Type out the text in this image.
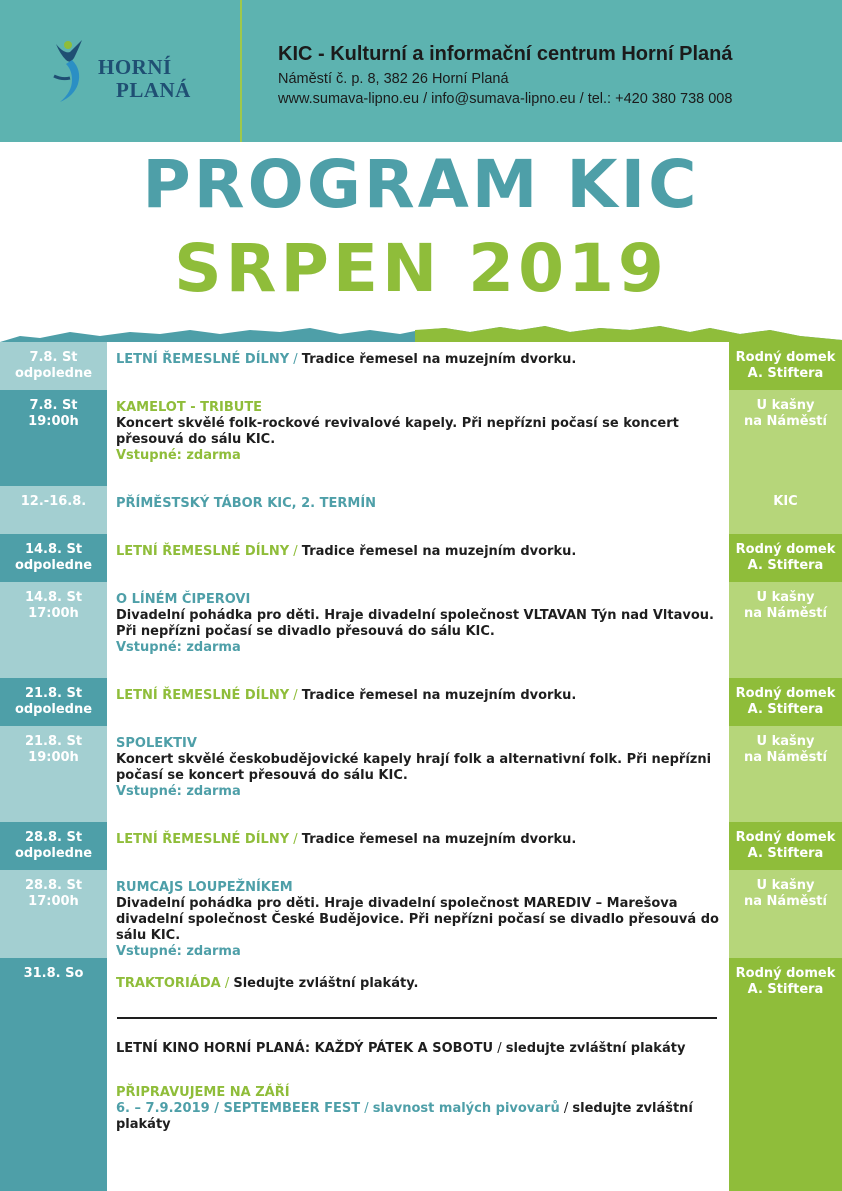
HORNÍ
PLANÁ
KIC - Kulturní a informační centrum Horní Planá
Náměstí č. p. 8, 382 26 Horní Planá
www.sumava-lipno.eu / info@sumava-lipno.eu / tel.: +420 380 738 008
PROGRAM KIC
SRPEN 2019
7.8. St
odpoledne
7.8. St
19:00h
12.-16.8.
14.8. St
odpoledne
14.8. St
17:00h
21.8. St
odpoledne
21.8. St
19:00h
28.8. St
odpoledne
28.8. St
17:00h
31.8. So
Rodný domek
A. Stiftera
U kašny
na Náměstí
KIC
Rodný domek
A. Stiftera
U kašny
na Náměstí
Rodný domek
A. Stiftera
U kašny
na Náměstí
Rodný domek
A. Stiftera
U kašny
na Náměstí
Rodný domek
A. Stiftera
LETNÍ ŘEMESLNÉ DÍLNY / Tradice řemesel na muzejním dvorku.
KAMELOT - TRIBUTE
Koncert skvělé folk-rockové revivalové kapely. Při nepřízni počasí se koncert přesouvá do sálu KIC.
Vstupné: zdarma
PŘÍMĚSTSKÝ TÁBOR KIC, 2. TERMÍN
LETNÍ ŘEMESLNÉ DÍLNY / Tradice řemesel na muzejním dvorku.
O LÍNÉM ČIPEROVI
Divadelní pohádka pro děti. Hraje divadelní společnost VLTAVAN Týn nad Vltavou. Při nepřízni počasí se divadlo přesouvá do sálu KIC.
Vstupné: zdarma
LETNÍ ŘEMESLNÉ DÍLNY / Tradice řemesel na muzejním dvorku.
SPOLEKTIV
Koncert skvělé českobudějovické kapely hrají folk a alternativní folk. Při nepřízni počasí se koncert přesouvá do sálu KIC.
Vstupné: zdarma
LETNÍ ŘEMESLNÉ DÍLNY / Tradice řemesel na muzejním dvorku.
RUMCAJS LOUPEŽNÍKEM
Divadelní pohádka pro děti. Hraje divadelní společnost MAREDIV – Marešova divadelní společnost České Budějovice. Při nepřízni počasí se divadlo přesouvá do sálu KIC.
Vstupné: zdarma
TRAKTORIÁDA / Sledujte zvláštní plakáty.
LETNÍ KINO HORNÍ PLANÁ: KAŽDÝ PÁTEK A SOBOTU / sledujte zvláštní plakáty
PŘIPRAVUJEME NA ZÁŘÍ
6. – 7.9.2019 / SEPTEMBEER FEST / slavnost malých pivovarů / sledujte zvláštní plakáty
